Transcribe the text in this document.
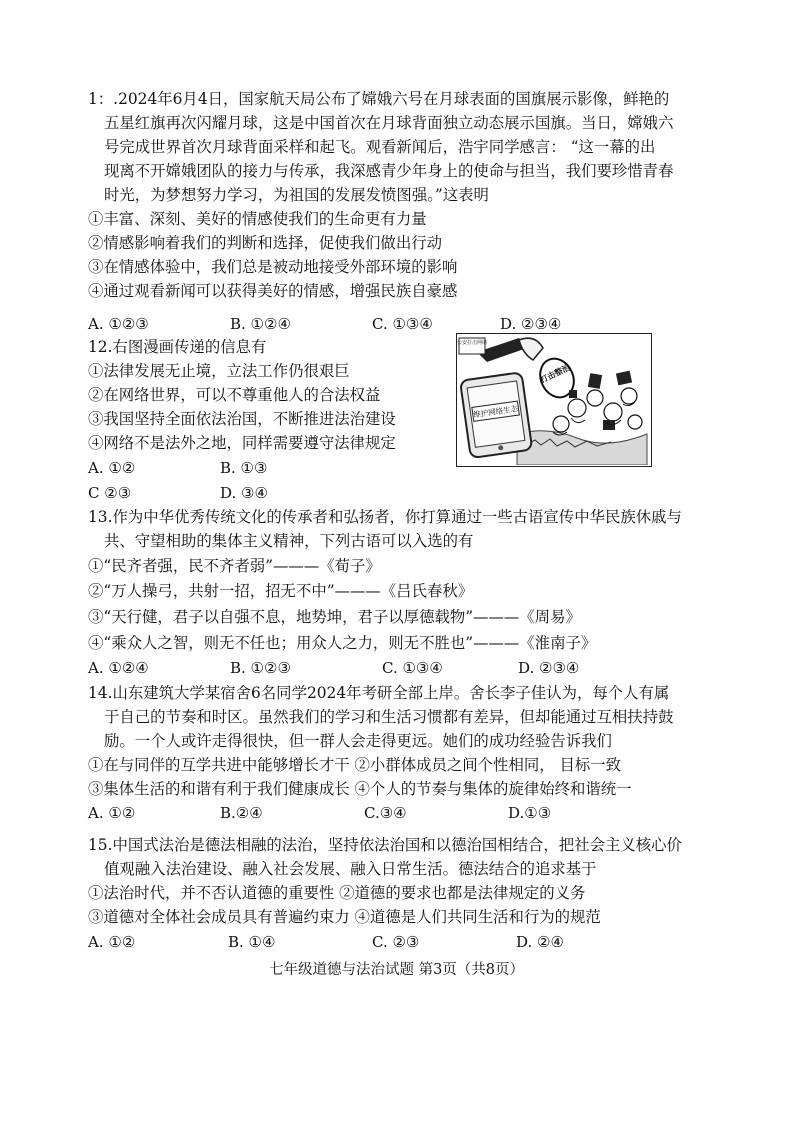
1：.2024年6月4日，国家航天局公布了嫦娥六号在月球表面的国旗展示影像，鲜艳的
五星红旗再次闪耀月球，这是中国首次在月球背面独立动态展示国旗。当日，嫦娥六
号完成世界首次月球背面采样和起飞。观看新闻后，浩宇同学感言： “这一幕的出
现离不开嫦娥团队的接力与传承，我深感青少年身上的使命与担当，我们要珍惜青春
时光，为梦想努力学习，为祖国的发展发愤图强。”这表明
①丰富、深刻、美好的情感使我们的生命更有力量
②情感影响着我们的判断和选择，促使我们做出行动
③在情感体验中，我们总是被动地接受外部环境的影响
④通过观看新闻可以获得美好的情感，增强民族自豪感
A. ①②③	B. ①②④	C. ①③④	D. ②③④
12.右图漫画传递的信息有
①法律发展无止境，立法工作仍很艰巨
②在网络世界，可以不尊重他人的合法权益
③我国坚持全面依法治国，不断推进法治建设
④网络不是法外之地，同样需要遵守法律规定
A. ①②	B. ①③
C ②③	D. ③④
维护网络生态
公安打击网络
打击整治
13.作为中华优秀传统文化的传承者和弘扬者，你打算通过一些古语宣传中华民族休戚与
共、守望相助的集体主义精神，下列古语可以入选的有
①“民齐者强，民不齐者弱”———《荀子》
②“万人操弓，共射一招，招无不中”———《吕氏春秋》
③“天行健，君子以自强不息，地势坤，君子以厚德载物”———《周易》
④“乘众人之智，则无不任也；用众人之力，则无不胜也”———《淮南子》
A. ①②④	B. ①②③	C. ①③④	D. ②③④
14.山东建筑大学某宿舍6名同学2024年考研全部上岸。舍长李子佳认为，每个人有属
于自己的节奏和时区。虽然我们的学习和生活习惯都有差异，但却能通过互相扶持鼓
励。一个人或许走得很快，但一群人会走得更远。她们的成功经验告诉我们
①在与同伴的互学共进中能够增长才干 ②小群体成员之间个性相同， 目标一致
③集体生活的和谐有利于我们健康成长 ④个人的节奏与集体的旋律始终和谐统一
A. ①②	B.②④	C.③④	D.①③
15.中国式法治是德法相融的法治，坚持依法治国和以德治国相结合，把社会主义核心价
值观融入法治建设、融入社会发展、融入日常生活。德法结合的追求基于
①法治时代，并不否认道德的重要性 ②道德的要求也都是法律规定的义务
③道德对全体社会成员具有普遍约束力 ④道德是人们共同生活和行为的规范
A. ①②	B. ①④	C. ②③	D. ②④
七年级道德与法治试题 第3页（共8页）
